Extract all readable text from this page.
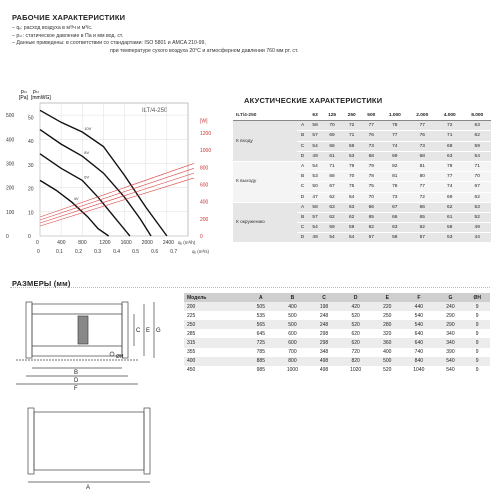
РАБОЧИЕ ХАРАКТЕРИСТИКИ
– qᵥ: расход воздуха в м³/ч и м³/с.
– pₛₜ: статическое давление в Па и мм вод. ст.
– Данные приведены: в соответствии со стандартами: ISO 5801 и AMCA 210-99,
при температуре сухого воздуха 20°C и атмосферном давлении 760 мм рт. ст.
pₛₜ
[Pa]
pₛₜ
[mmWG]
ILT/4-250
10V
8V
6V
4V
0
100
200
300
400
500
0
10
20
30
40
50
0	400	800	1200 1600 2000 2400 qᵥ (m³/h)
0	0.1 0.2 0.3 0.4 0.5 0.6 0.7	qᵥ (m³/s)
[W]
0
200
400
600
800
1000
1200
АКУСТИЧЕСКИЕ ХАРАКТЕРИСТИКИ
ILT/4-250		63	125	250	500	1.000	2.000	4.000	8.000
К входу	A	58	70	72	77	78	77	72	63
	B	57	69	71	76	77	76	71	62
	C	54	66	68	73	74	73	68	59
	D	49	61	63	68	69	68	63	54
К выходу	A	54	71	79	79	82	81	78	71
	B	53	68	70	78	81	80	77	70
	C	50	67	75	75	78	77	74	67
	D	47	62	64	70	73	72	69	62
К окружению	A	58	63	63	66	67	66	62	53
	B	57	62	62	65	66	65	61	52
	C	54	59	59	62	63	62	58	49
	D	49	54	54	57	58	57	53	44
РАЗМЕРЫ (мм)
B
D
F
C E G
ØH
A
Модель	A	B	C	D	E	F	G	ØH
200	505	400	198	420	220	440	240	9
225	535	500	248	520	250	540	290	9
250	565	500	248	520	280	540	290	9
285	645	600	298	620	320	640	340	9
315	725	600	298	620	360	640	340	9
355	785	700	348	720	400	740	390	9
400	885	800	498	820	500	840	540	9
450	985	1000	498	1020	520	1040	540	9
